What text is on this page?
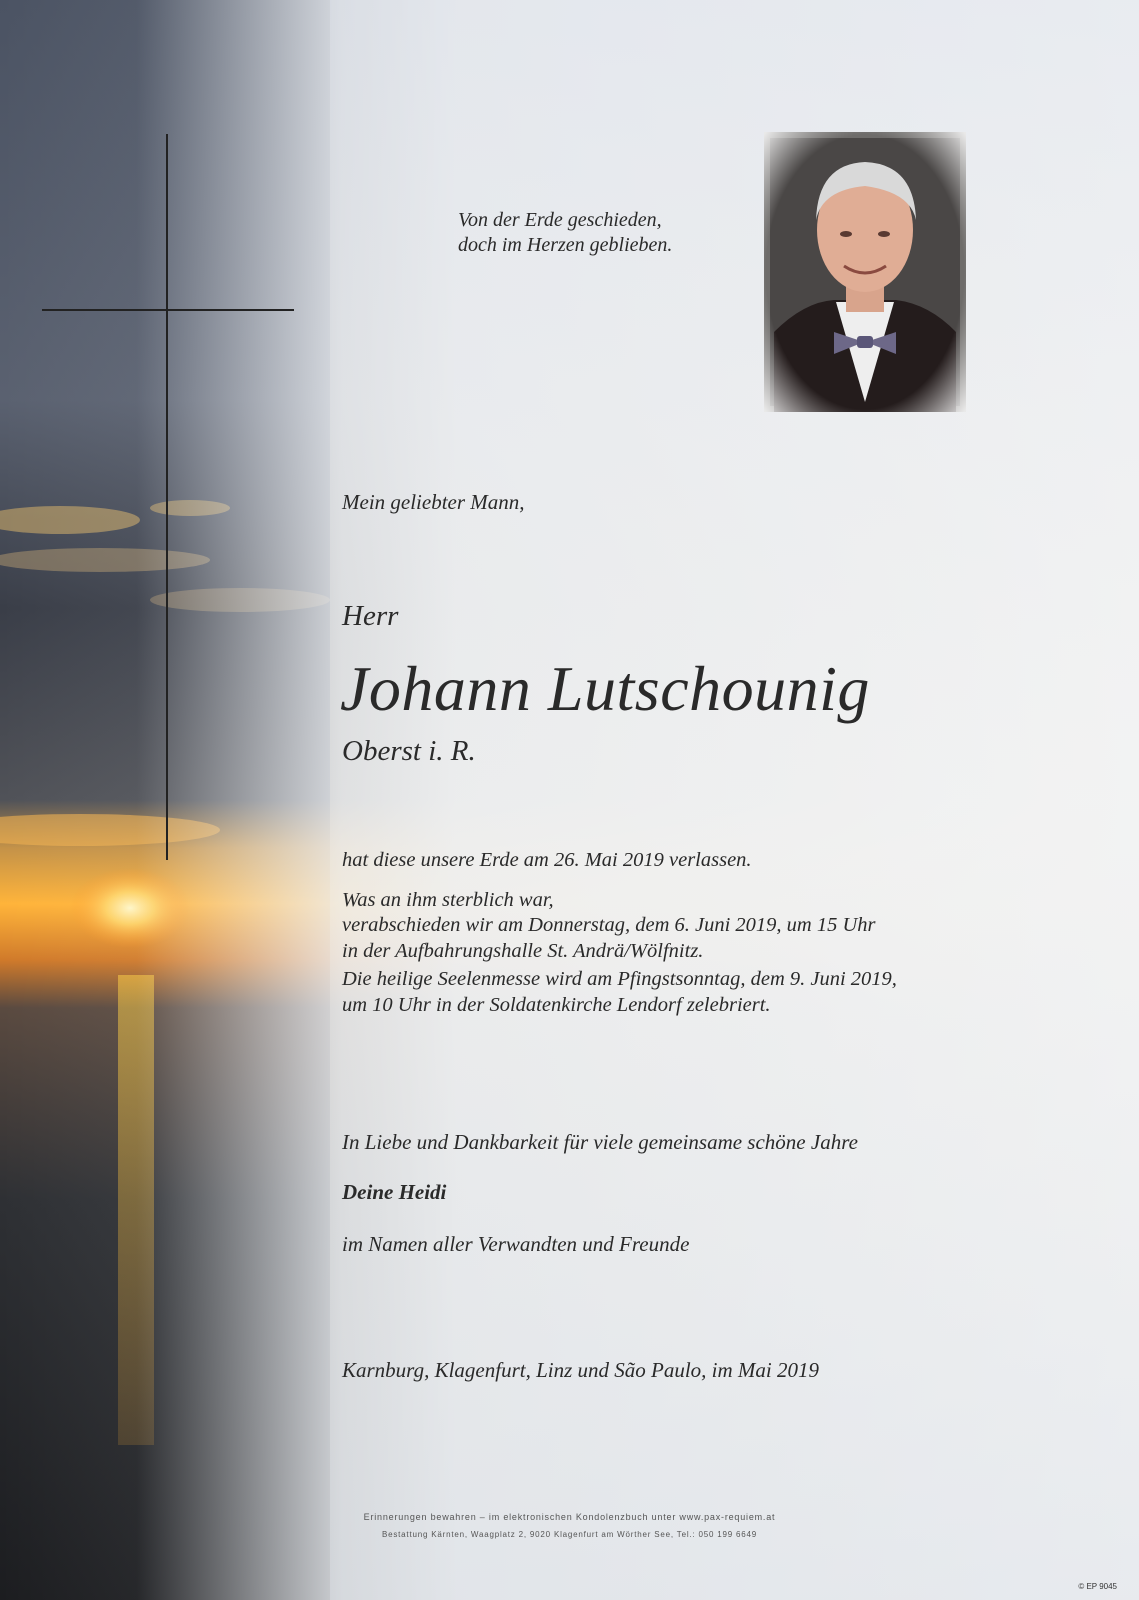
Von der Erde geschieden,
doch im Herzen geblieben.
Mein geliebter Mann,
Herr
Johann Lutschounig
Oberst i. R.

hat diese unsere Erde am 26. Mai 2019 verlassen.

Was an ihm sterblich war,

verabschieden wir am Donnerstag, dem 6. Juni 2019, um 15 Uhr

in der Aufbahrungshalle St. Andrä/Wölfnitz.

Die heilige Seelenmesse wird am Pfingstsonntag, dem 9. Juni 2019,

um 10 Uhr in der Soldatenkirche Lendorf zelebriert.

In Liebe und Dankbarkeit für viele gemeinsame schöne Jahre
Deine Heidi
im Namen aller Verwandten und Freunde
Karnburg, Klagenfurt, Linz und São Paulo, im Mai 2019
Erinnerungen bewahren – im elektronischen Kondolenzbuch unter www.pax-requiem.at
Bestattung Kärnten, Waagplatz 2, 9020 Klagenfurt am Wörther See, Tel.: 050 199 6649
© EP 9045
